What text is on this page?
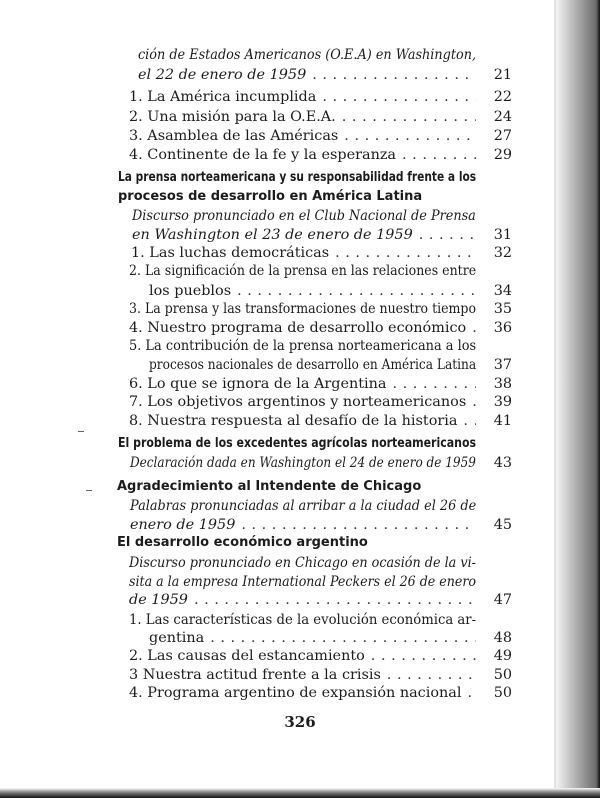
ción de Estados Americanos (O.E.A) en Washington,
el 22 de enero de 1959 . . .	21
1. La América incumplida . . .	22
2. Una misión para la O.E.A. . . .	24
3. Asamblea de las Américas . . .	27
4. Continente de la fe y la esperanza . . .	29
La prensa norteamericana y su responsabilidad frente a los
procesos de desarrollo en América Latina
Discurso pronunciado en el Club Nacional de Prensa
en Washington el 23 de enero de 1959 . . .	31
1. Las luchas democráticas . . .	32
2. La significación de la prensa en las relaciones entre
los pueblos . . .	34
3. La prensa y las transformaciones de nuestro tiempo 35
4. Nuestro programa de desarrollo económico . . . 36
5. La contribución de la prensa norteamericana a los
procesos nacionales de desarrollo en América Latina 37
6. Lo que se ignora de la Argentina . . .	38
7. Los objetivos argentinos y norteamericanos . . . 39
8. Nuestra respuesta al desafío de la historia . . .	41
El problema de los excedentes agrícolas norteamericanos
Declaración dada en Washington el 24 de enero de 1959 43
Agradecimiento al Intendente de Chicago
Palabras pronunciadas al arribar a la ciudad el 26 de
enero de 1959 . . .	45
El desarrollo económico argentino
Discurso pronunciado en Chicago en ocasión de la vi-
sita a la empresa International Peckers el 26 de enero
de 1959 . . .	47
1. Las características de la evolución económica ar-
gentina . . .	48
2. Las causas del estancamiento . . .	49
3 Nuestra actitud frente a la crisis . . .	50
4. Programa argentino de expansión nacional . . . 50
326
